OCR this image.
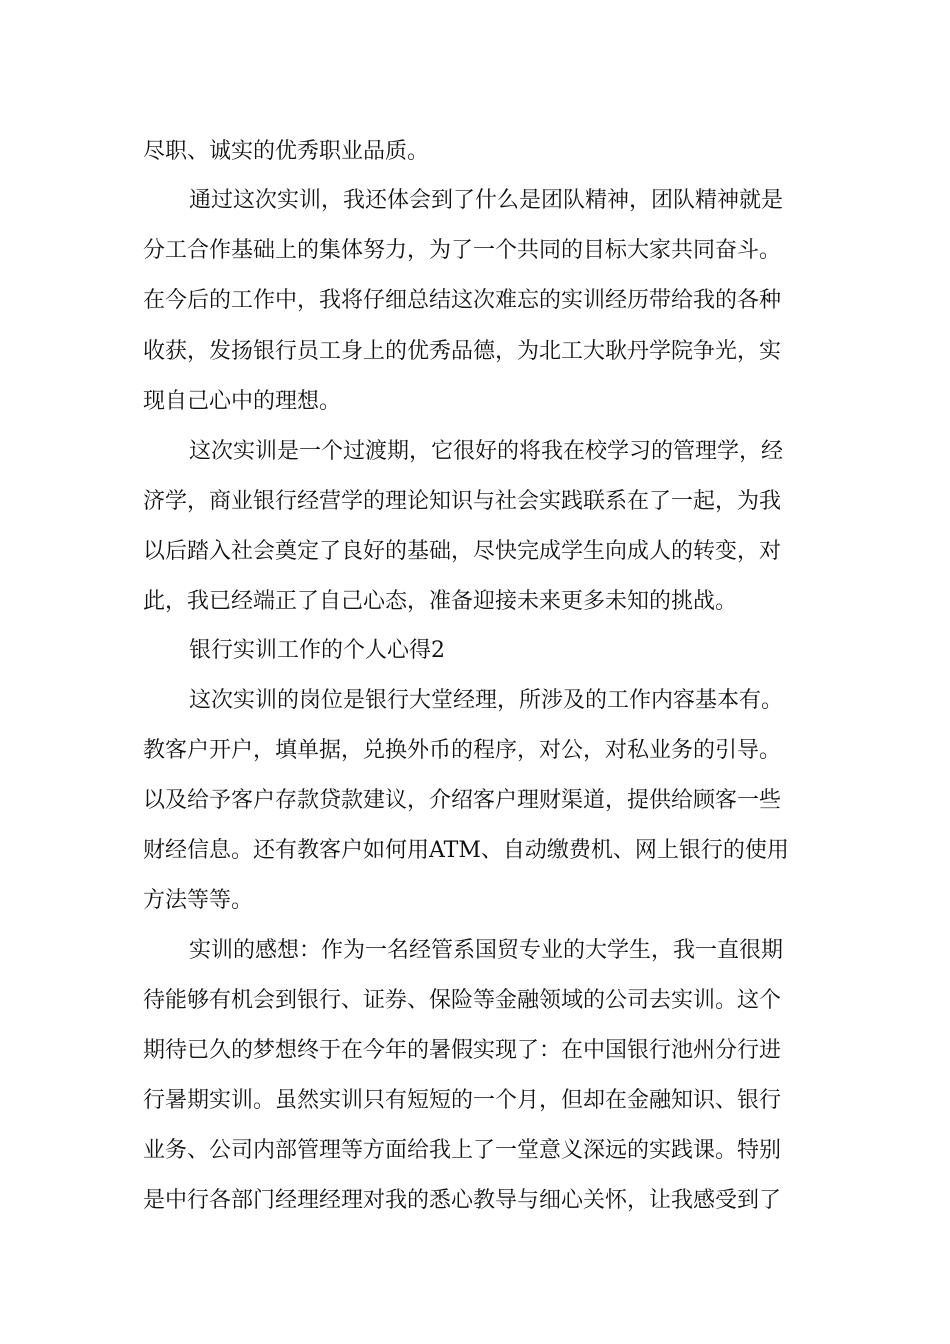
尽职、诚实的优秀职业品质。
通过这次实训，我还体会到了什么是团队精神，团队精神就是
分工合作基础上的集体努力，为了一个共同的目标大家共同奋斗。
在今后的工作中，我将仔细总结这次难忘的实训经历带给我的各种
收获，发扬银行员工身上的优秀品德，为北工大耿丹学院争光，实
现自己心中的理想。
这次实训是一个过渡期，它很好的将我在校学习的管理学，经
济学，商业银行经营学的理论知识与社会实践联系在了一起，为我
以后踏入社会奠定了良好的基础，尽快完成学生向成人的转变，对
此，我已经端正了自己心态，准备迎接未来更多未知的挑战。
银行实训工作的个人心得2
这次实训的岗位是银行大堂经理，所涉及的工作内容基本有。
教客户开户，填单据，兑换外币的程序，对公，对私业务的引导。
以及给予客户存款贷款建议，介绍客户理财渠道，提供给顾客一些
财经信息。还有教客户如何用ATM、自动缴费机、网上银行的使用
方法等等。
实训的感想：作为一名经管系国贸专业的大学生，我一直很期
待能够有机会到银行、证券、保险等金融领域的公司去实训。这个
期待已久的梦想终于在今年的暑假实现了：在中国银行池州分行进
行暑期实训。虽然实训只有短短的一个月，但却在金融知识、银行
业务、公司内部管理等方面给我上了一堂意义深远的实践课。特别
是中行各部门经理经理对我的悉心教导与细心关怀，让我感受到了
